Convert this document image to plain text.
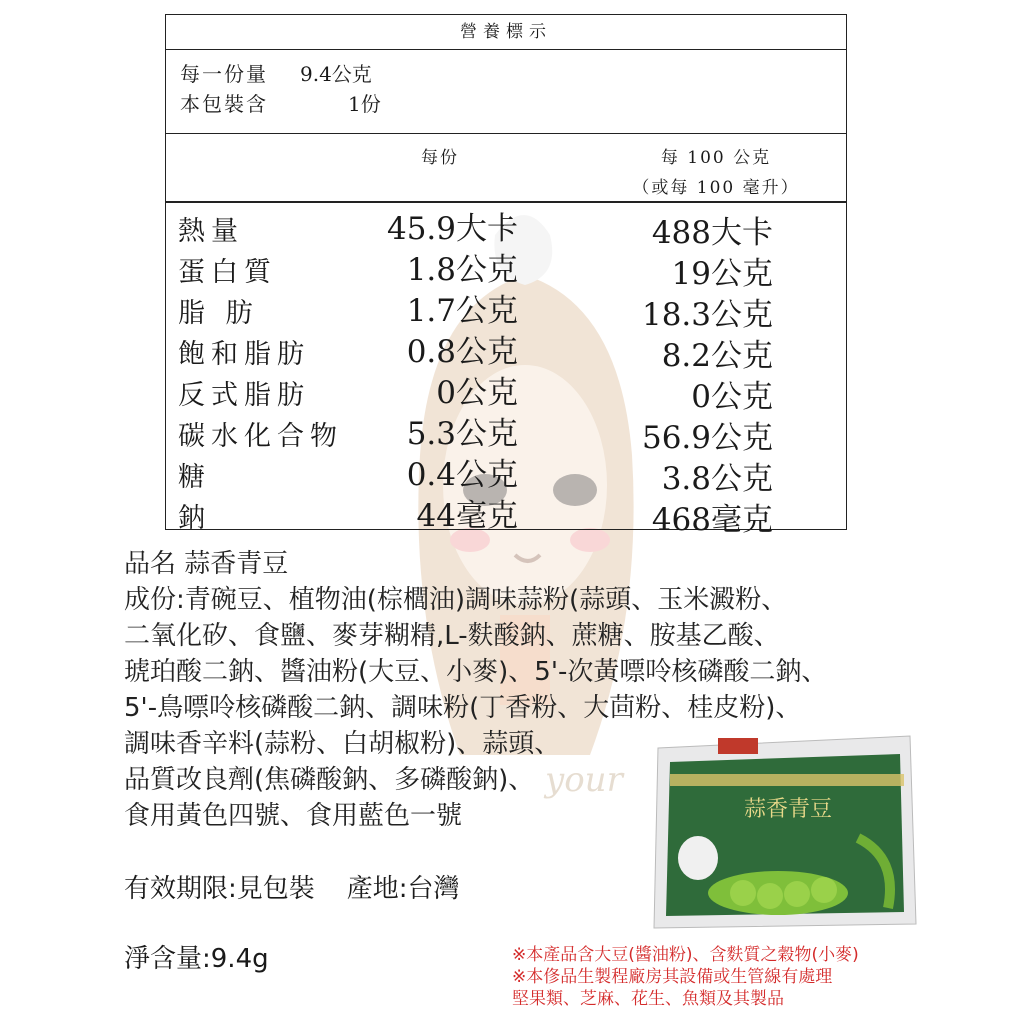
your
營養標示
每一份量	9.4公克
本包裝含	1份
每份	每 100 公克
（或每 100 毫升）
熱量	45.9大卡	488大卡
蛋白質	1.8公克	19公克
脂 肪	1.7公克	18.3公克
飽和脂肪	0.8公克	8.2公克
反式脂肪	0公克	0公克
碳水化合物 5.3公克	56.9公克
糖	0.4公克	3.8公克
鈉	44毫克	468毫克

品名 蒜香青豆

成份:青碗豆、植物油(棕櫚油)調味蒜粉(蒜頭、玉米澱粉、

二氧化矽、食鹽、麥芽糊精,L-麩酸鈉、蔗糖、胺基乙酸、

琥珀酸二鈉、醬油粉(大豆、小麥)、5'-次黃嘌呤核磷酸二鈉、

5'-鳥嘌呤核磷酸二鈉、調味粉(丁香粉、大茴粉、桂皮粉)、

調味香辛料(蒜粉、白胡椒粉)、蒜頭、

品質改良劑(焦磷酸鈉、多磷酸鈉)、

食用黃色四號、食用藍色一號

有效期限:見包裝 產地:台灣
淨含量:9.4g	※本產品含大豆(醬油粉)、含麩質之穀物(小麥)
※本俢品生製程廠房其設備或生管線有處理
堅果類、芝麻、花生、魚類及其製品
蒜香青豆
